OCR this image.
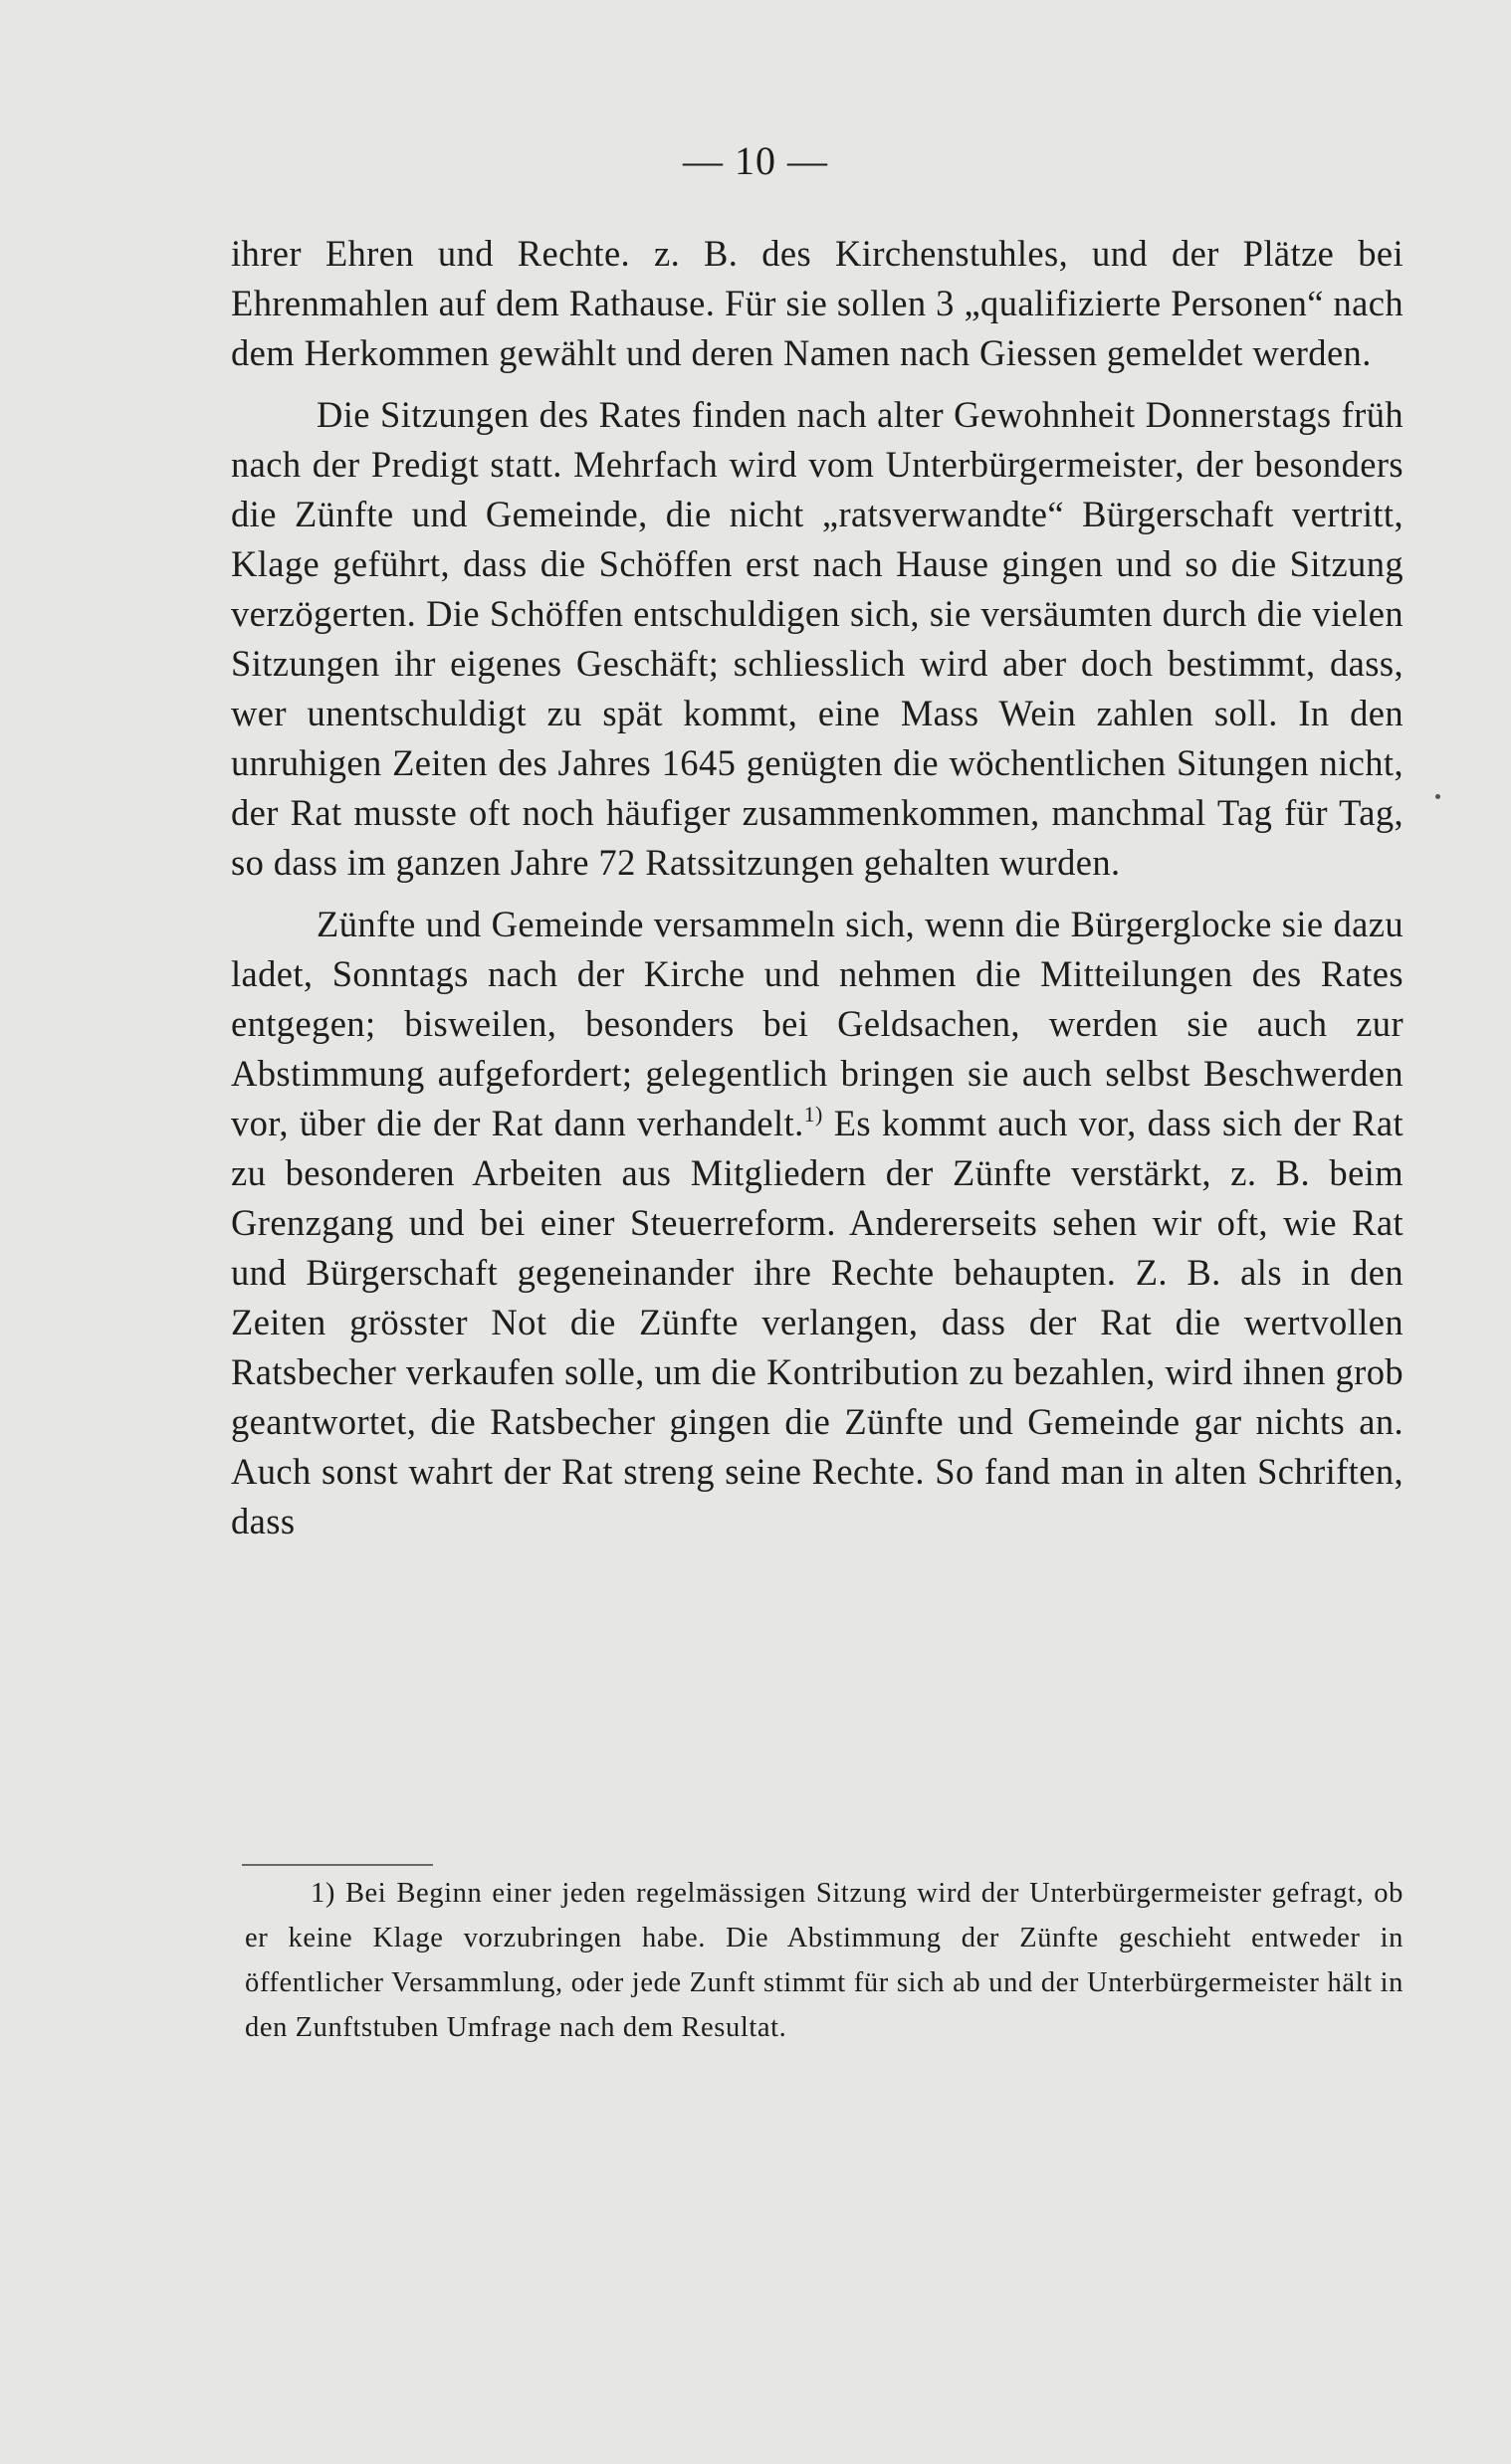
— 10 —

ihrer Ehren und Rechte. z. B. des Kirchenstuhles, und der Plätze bei Ehrenmahlen auf dem Rathause. Für sie sollen 3 „qualifizierte Personen“ nach dem Herkommen gewählt und deren Namen nach Giessen gemeldet werden.

Die Sitzungen des Rates finden nach alter Gewohnheit Donnerstags früh nach der Predigt statt. Mehrfach wird vom Unterbürgermeister, der besonders die Zünfte und Gemeinde, die nicht „ratsverwandte“ Bürgerschaft vertritt, Klage geführt, dass die Schöffen erst nach Hause gingen und so die Sitzung verzögerten. Die Schöffen entschuldigen sich, sie versäumten durch die vielen Sitzungen ihr eigenes Geschäft; schliesslich wird aber doch bestimmt, dass, wer unentschuldigt zu spät kommt, eine Mass Wein zahlen soll. In den unruhigen Zeiten des Jahres 1645 genügten die wöchentlichen Situngen nicht, der Rat musste oft noch häufiger zusammenkommen, manchmal Tag für Tag, so dass im ganzen Jahre 72 Ratssitzungen gehalten wurden.

Zünfte und Gemeinde versammeln sich, wenn die Bürgerglocke sie dazu ladet, Sonntags nach der Kirche und nehmen die Mitteilungen des Rates entgegen; bisweilen, besonders bei Geldsachen, werden sie auch zur Abstimmung aufgefordert; gelegentlich bringen sie auch selbst Beschwerden vor, über die der Rat dann verhandelt.$^{1)}$ Es kommt auch vor, dass sich der Rat zu besonderen Arbeiten aus Mitgliedern der Zünfte verstärkt, z. B. beim Grenzgang und bei einer Steuerreform. Andererseits sehen wir oft, wie Rat und Bürgerschaft gegeneinander ihre Rechte behaupten. Z. B. als in den Zeiten grösster Not die Zünfte verlangen, dass der Rat die wertvollen Ratsbecher verkaufen solle, um die Kontribution zu bezahlen, wird ihnen grob geantwortet, die Ratsbecher gingen die Zünfte und Gemeinde gar nichts an. Auch sonst wahrt der Rat streng seine Rechte. So fand man in alten Schriften, dass

1) Bei Beginn einer jeden regelmässigen Sitzung wird der Unterbürgermeister gefragt, ob er keine Klage vorzubringen habe. Die Abstimmung der Zünfte geschieht entweder in öffentlicher Versammlung, oder jede Zunft stimmt für sich ab und der Unterbürgermeister hält in den Zunftstuben Umfrage nach dem Resultat.
